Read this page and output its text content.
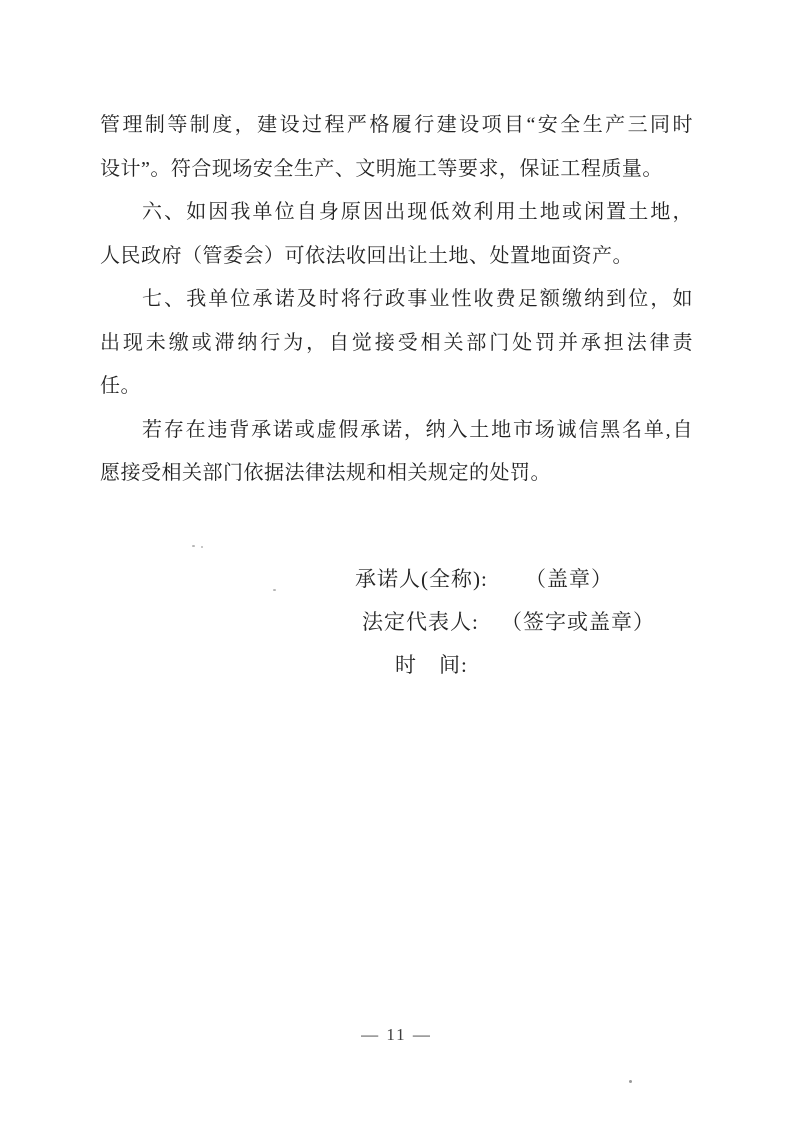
管理制等制度，建设过程严格履行建设项目“安全生产三同时
设计”。符合现场安全生产、文明施工等要求，保证工程质量。
六、如因我单位自身原因出现低效利用土地或闲置土地，
人民政府（管委会）可依法收回出让土地、处置地面资产。
七、我单位承诺及时将行政事业性收费足额缴纳到位，如
出现未缴或滞纳行为，自觉接受相关部门处罚并承担法律责
任。
若存在违背承诺或虚假承诺，纳入土地市场诚信黑名单,自
愿接受相关部门依据法律法规和相关规定的处罚。
承诺人(全称): （盖章）
法定代表人: （签字或盖章）
时　间:
— 11 —
